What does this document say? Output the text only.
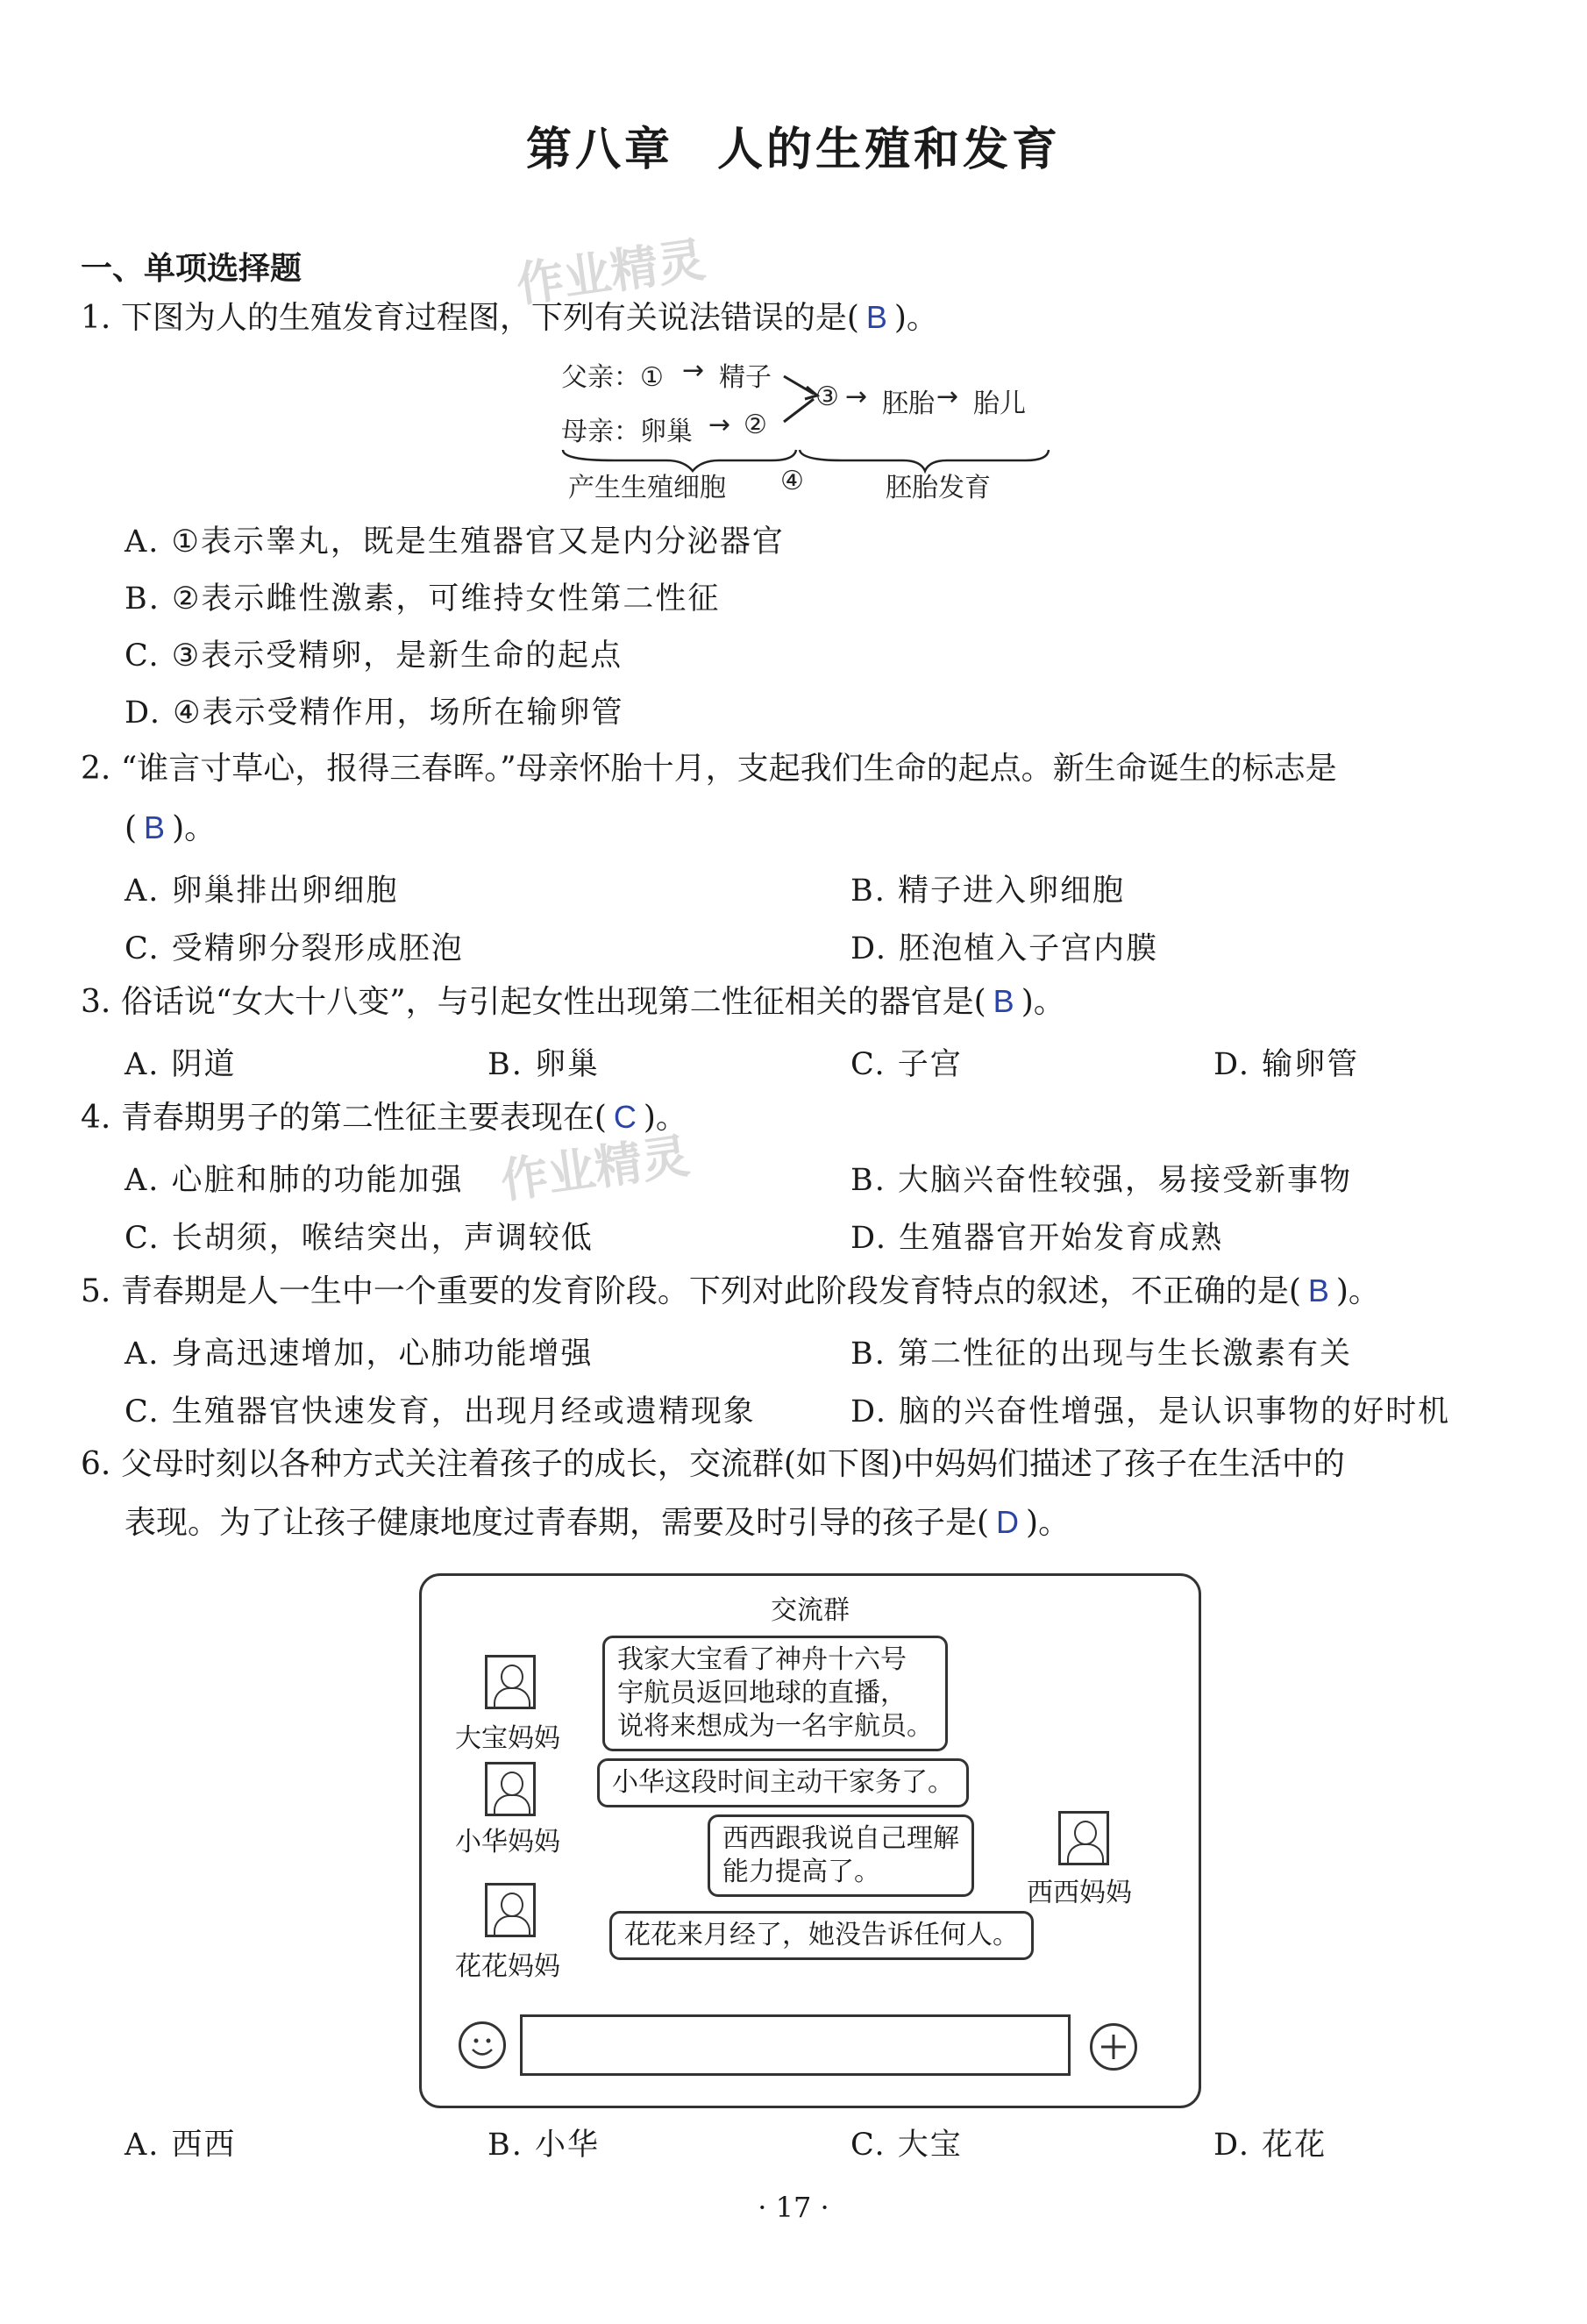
第八章 人的生殖和发育
作业精灵
作业精灵
一、单项选择题
1. 下图为人的生殖发育过程图，下列有关说法错误的是( B )。
父亲：① → 精子
母亲：卵巢 → ②
③ → 胚胎 → 胎儿
产生生殖细胞 ④	胚胎发育
A. ①表示睾丸，既是生殖器官又是内分泌器官
B. ②表示雌性激素，可维持女性第二性征
C. ③表示受精卵，是新生命的起点
D. ④表示受精作用，场所在输卵管
2. “谁言寸草心，报得三春晖。”母亲怀胎十月，支起我们生命的起点。新生命诞生的标志是
( B )。
A. 卵巢排出卵细胞	B. 精子进入卵细胞
C. 受精卵分裂形成胚泡	D. 胚泡植入子宫内膜
3. 俗话说“女大十八变”，与引起女性出现第二性征相关的器官是( B )。
A. 阴道	B. 卵巢	C. 子宫	D. 输卵管
4. 青春期男子的第二性征主要表现在( C )。
A. 心脏和肺的功能加强	B. 大脑兴奋性较强，易接受新事物
C. 长胡须，喉结突出，声调较低	D. 生殖器官开始发育成熟
5. 青春期是人一生中一个重要的发育阶段。下列对此阶段发育特点的叙述，不正确的是( B )。
A. 身高迅速增加，心肺功能增强	B. 第二性征的出现与生长激素有关
C. 生殖器官快速发育，出现月经或遗精现象	D. 脑的兴奋性增强，是认识事物的好时机
6. 父母时刻以各种方式关注着孩子的成长，交流群(如下图)中妈妈们描述了孩子在生活中的
表现。为了让孩子健康地度过青春期，需要及时引导的孩子是( D )。
交流群
大宝妈妈
我家大宝看了神舟十六号
宇航员返回地球的直播，
说将来想成为一名宇航员。
小华妈妈
小华这段时间主动干家务了。
西西妈妈
西西跟我说自己理解
能力提高了。
花花妈妈
花花来月经了，她没告诉任何人。
A. 西西	B. 小华	C. 大宝	D. 花花
· 17 ·
